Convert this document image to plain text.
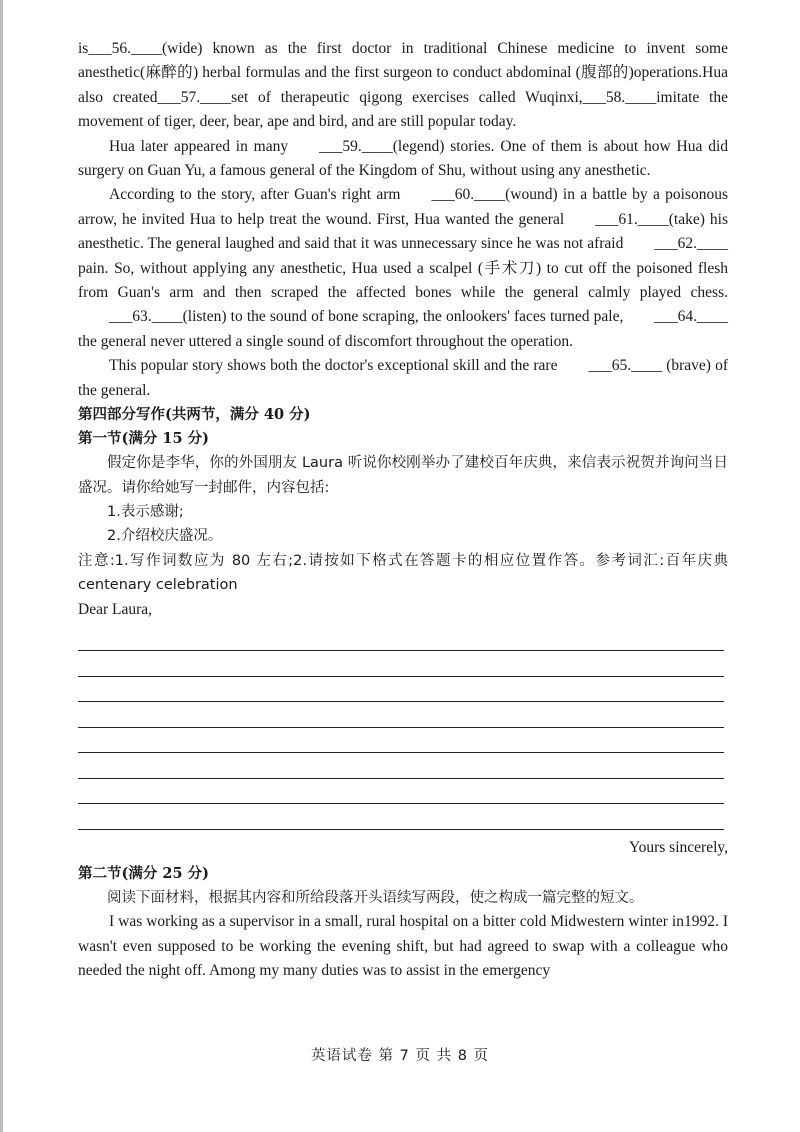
is___56.____(wide) known as the first doctor in traditional Chinese medicine to invent some anesthetic(麻醉的) herbal formulas and the first surgeon to conduct abdominal (腹部的)operations.Hua also created___57.____set of therapeutic qigong exercises called Wuqinxi,___58.____imitate the movement of tiger, deer, bear, ape and bird, and are still popular today.

Hua later appeared in many ___59.____(legend) stories. One of them is about how Hua did surgery on Guan Yu, a famous general of the Kingdom of Shu, without using any anesthetic.

According to the story, after Guan's right arm ___60.____(wound) in a battle by a poisonous arrow, he invited Hua to help treat the wound. First, Hua wanted the general ___61.____(take) his anesthetic. The general laughed and said that it was unnecessary since he was not afraid ___62.____pain. So, without applying any anesthetic, Hua used a scalpel (手术刀) to cut off the poisoned flesh from Guan's arm and then scraped the affected bones while the general calmly played chess.___63.____(listen) to the sound of bone scraping, the onlookers' faces turned pale, ___64.____the general never uttered a single sound of discomfort throughout the operation.

This popular story shows both the doctor's exceptional skill and the rare ___65.____ (brave) of the general.

第四部分写作(共两节，满分 40 分)
第一节(满分 15 分)

假定你是李华，你的外国朋友 Laura 听说你校刚举办了建校百年庆典，来信表示祝贺并询问当日盛况。请你给她写一封邮件，内容包括:

1.表示感谢;

2.介绍校庆盛况。

注意:1.写作词数应为 80 左右;2.请按如下格式在答题卡的相应位置作答。参考词汇:百年庆典 centenary celebration

Dear Laura,

Yours sincerely,

第二节(满分 25 分)

阅读下面材料，根据其内容和所给段落开头语续写两段，使之构成一篇完整的短文。

I was working as a supervisor in a small, rural hospital on a bitter cold Midwestern winter in1992. I wasn't even supposed to be working the evening shift, but had agreed to swap with a colleague who needed the night off. Among my many duties was to assist in the emergency

英语试卷 第 7 页 共 8 页
